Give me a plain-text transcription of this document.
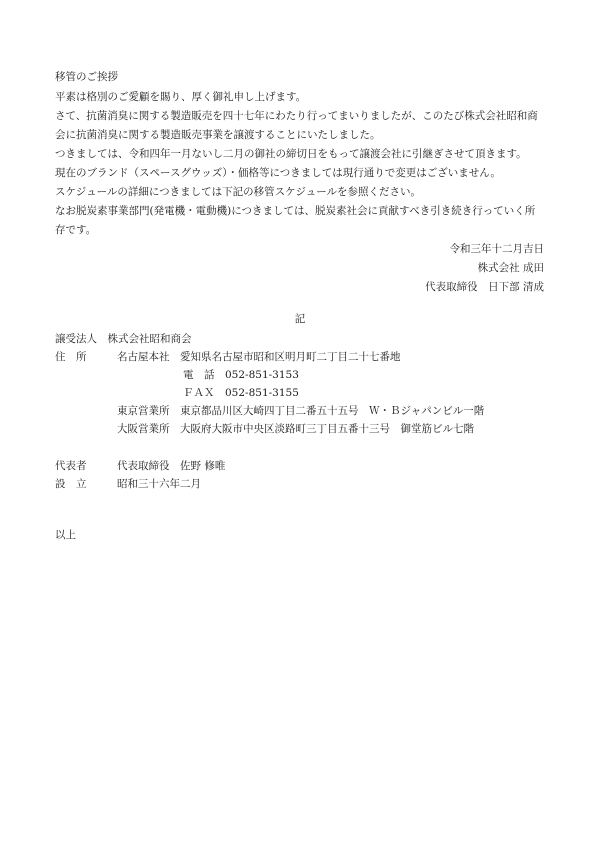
移管のご挨拶
平素は格別のご愛顧を賜り、厚く御礼申し上げます。
さて、抗菌消臭に関する製造販売を四十七年にわたり行ってまいりましたが、このたび株式会社昭和商
会に抗菌消臭に関する製造販売事業を譲渡することにいたしました。
つきましては、令和四年一月ないし二月の御社の締切日をもって譲渡会社に引継ぎさせて頂きます。
現在のブランド（スペースグウッズ）・価格等につきましては現行通りで変更はございません。
スケジュールの詳細につきましては下記の移管スケジュールを参照ください。
なお脱炭素事業部門(発電機・電動機)につきましては、脱炭素社会に貢献すべき引き続き行っていく所
存です。
令和三年十二月吉日
株式会社 成田
代表取締役　日下部 清成
記
譲受法人　株式会社昭和商会
住　所	名古屋本社　愛知県名古屋市昭和区明月町二丁目二十七番地
電　話　052-851-3153
ＦＡＸ　052-851-3155
東京営業所　東京都品川区大崎四丁目二番五十五号　Ｗ・Ｂジャパンビル一階
大阪営業所　大阪府大阪市中央区淡路町三丁目五番十三号　御堂筋ビル七階
代表者	代表取締役　佐野 修唯
設　立	昭和三十六年二月
以上
